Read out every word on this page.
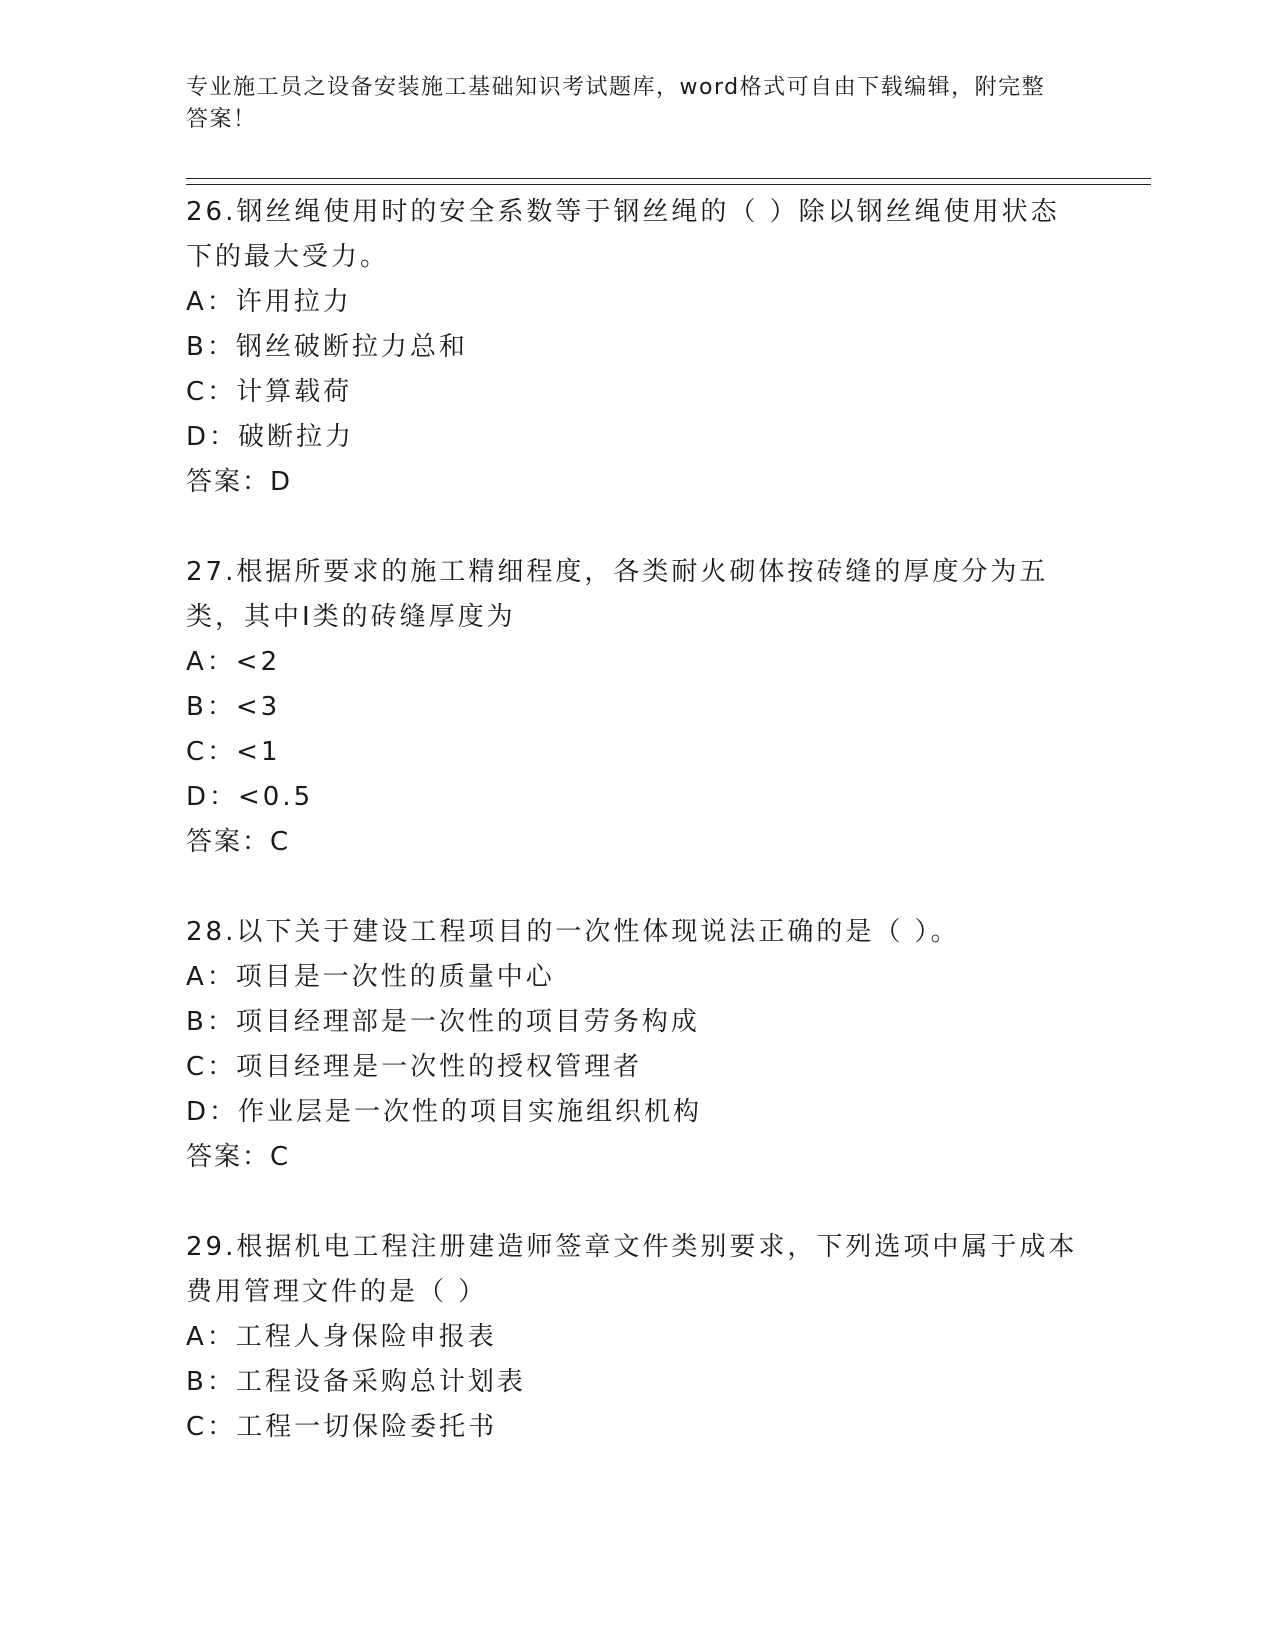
专业施工员之设备安装施工基础知识考试题库，word格式可自由下载编辑，附完整答案！

26.钢丝绳使用时的安全系数等于钢丝绳的（ ）除以钢丝绳使用状态下的最大受力。

A：许用拉力

B：钢丝破断拉力总和

C：计算载荷

D：破断拉力

答案：D

27.根据所要求的施工精细程度，各类耐火砌体按砖缝的厚度分为五类，其中Ⅰ类的砖缝厚度为

A：<2

B：<3

C：<1

D：<0.5

答案：C

28.以下关于建设工程项目的一次性体现说法正确的是（ ）。

A：项目是一次性的质量中心

B：项目经理部是一次性的项目劳务构成

C：项目经理是一次性的授权管理者

D：作业层是一次性的项目实施组织机构

答案：C

29.根据机电工程注册建造师签章文件类别要求，下列选项中属于成本费用管理文件的是（ ）

A：工程人身保险申报表

B：工程设备采购总计划表

C：工程一切保险委托书
